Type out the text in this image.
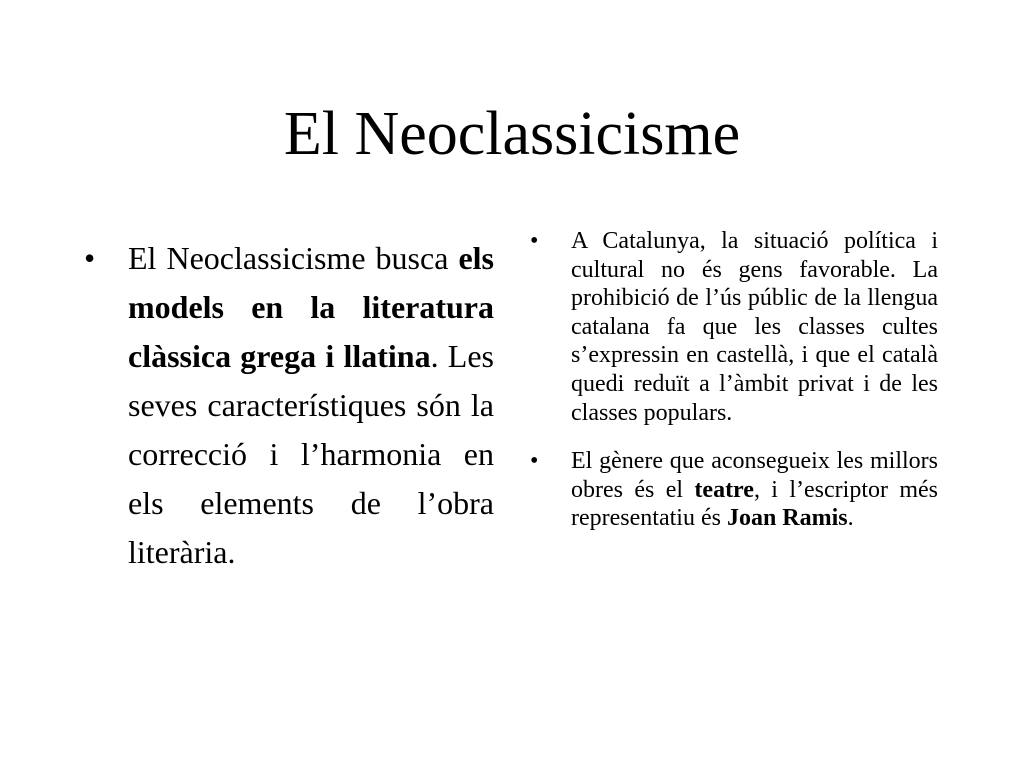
El Neoclassicisme
• El Neoclassicisme busca els models en la literatura clàssica grega i llatina. Les seves característiques són la correcció i l’harmonia en els elements de l’obra literària.
• A Catalunya, la situació política i cultural no és gens favorable. La prohibició de l’ús públic de la llengua catalana fa que les classes cultes s’expressin en castellà, i que el català quedi reduït a l’àmbit privat i de les classes populars.
• El gènere que aconsegueix les millors obres és el teatre, i l’escriptor més representatiu és Joan Ramis.
